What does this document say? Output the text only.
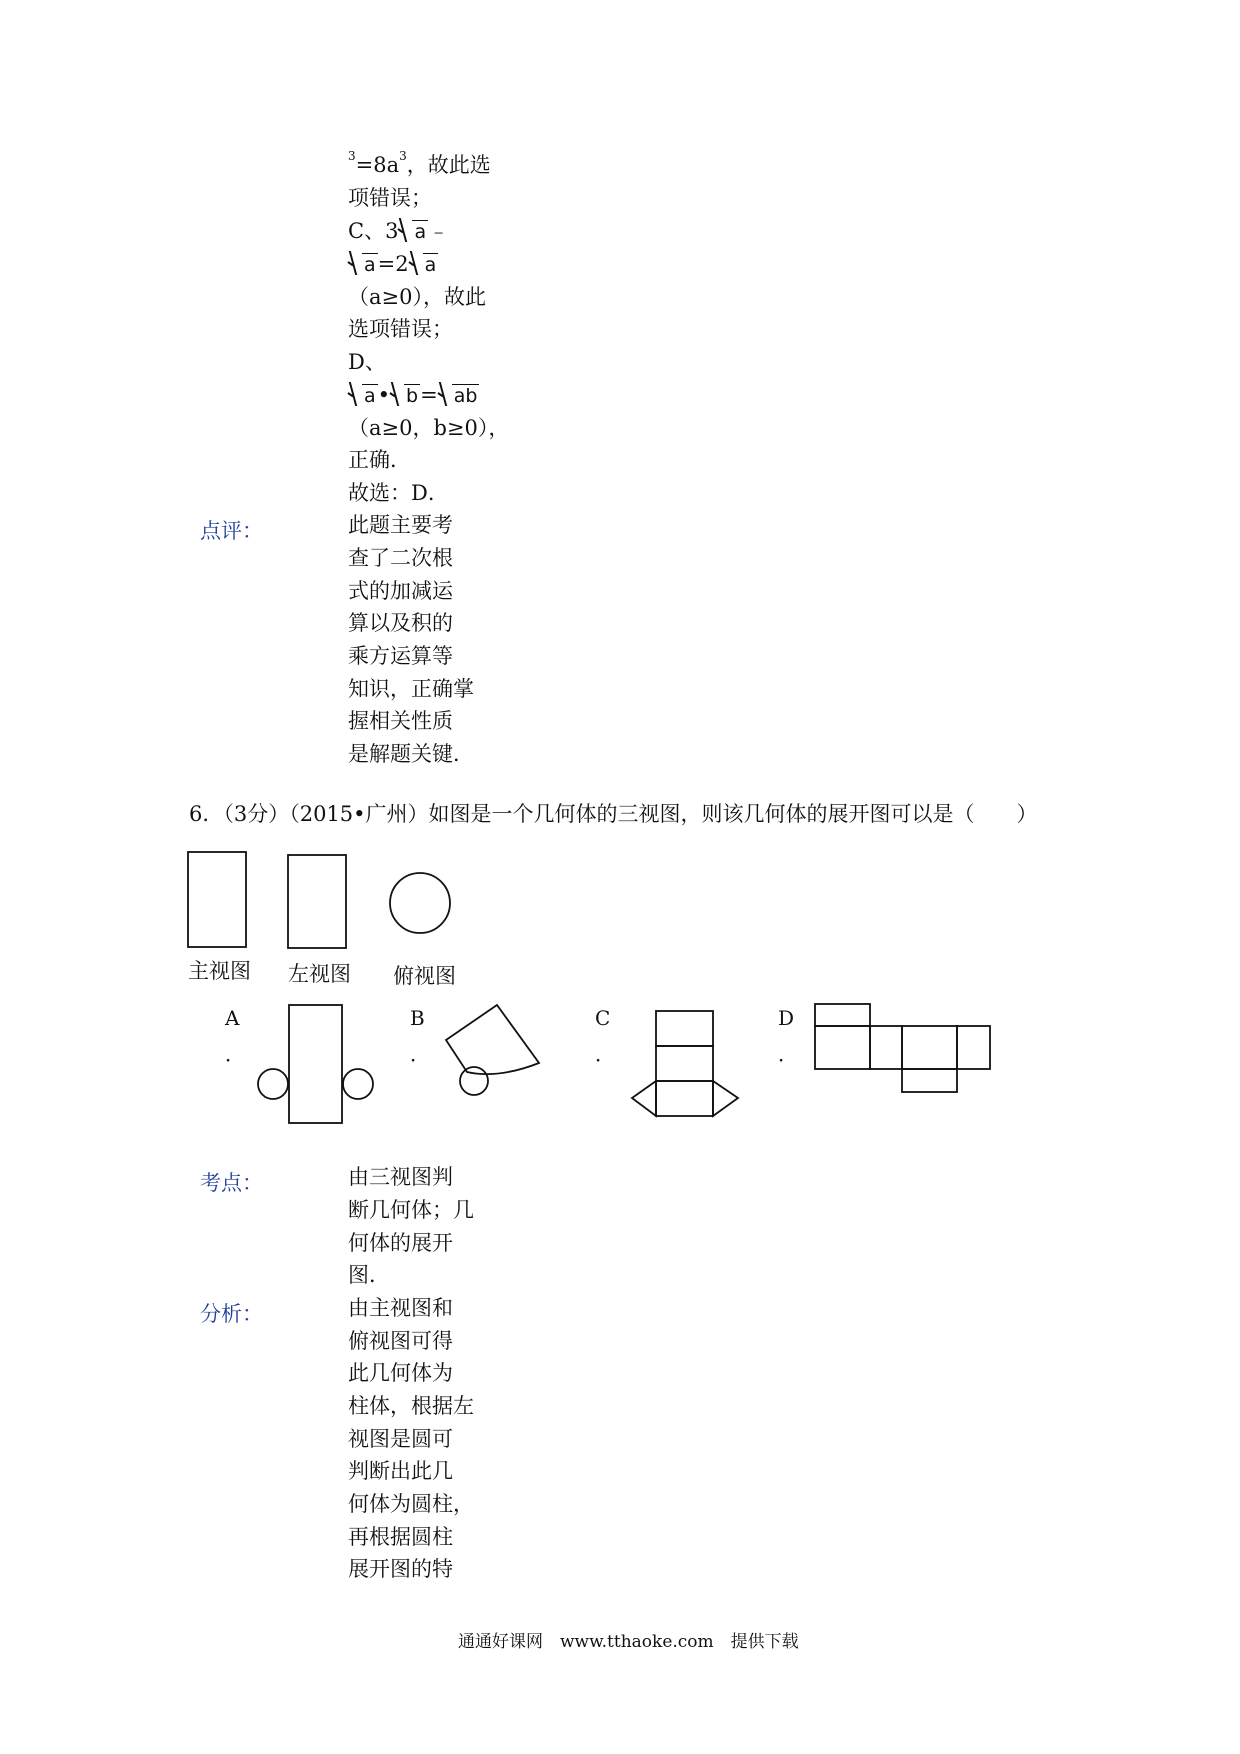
$^3=8a^3$，故此选
项错误；
C、3 a﹣
a=2 a
（a≥0），故此
选项错误；
D、
a• b= ab
（a≥0，b≥0），
正确．
故选：D．
点评：	此题主要考
查了二次根
式的加减运
算以及积的
乘方运算等
知识，正确掌
握相关性质
是解题关键．
6．（3分）（2015•广州）如图是一个几何体的三视图，则该几何体的展开图可以是（　　）
主视图 左视图 俯视图
A
．
B
．
C
．
D
．
考点：	由三视图判
断几何体；几
何体的展开
图．
分析：	由主视图和
俯视图可得
此几何体为
柱体，根据左
视图是圆可
判断出此几
何体为圆柱，
再根据圆柱
展开图的特
通通好课网　www.tthaoke.com　提供下载
